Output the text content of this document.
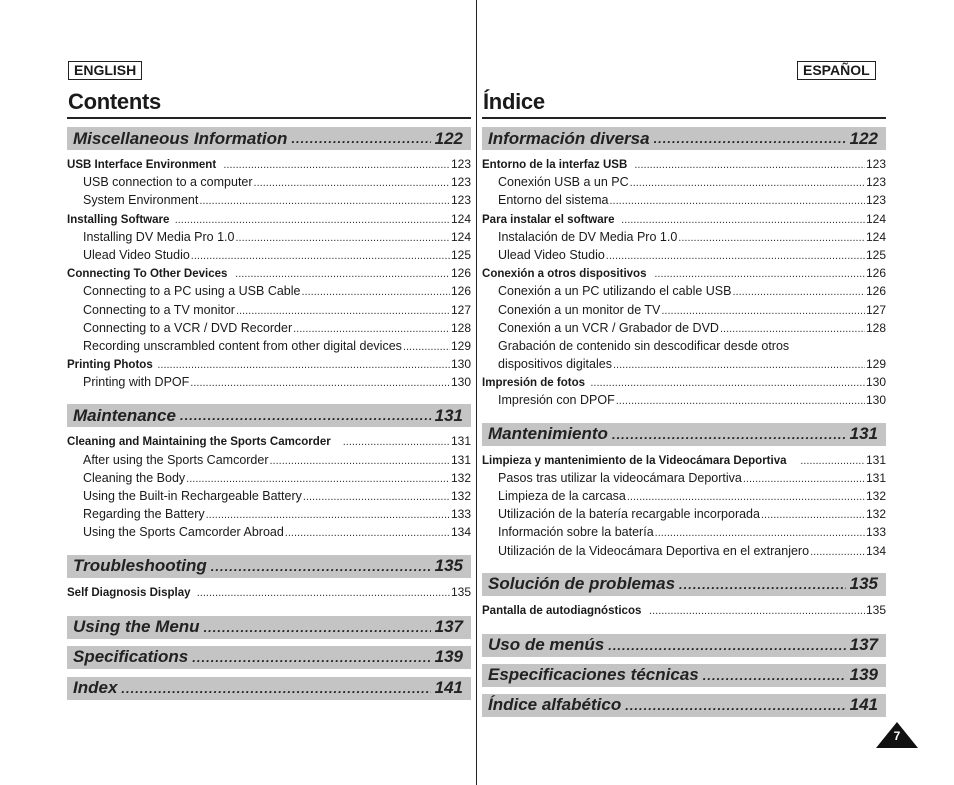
ENGLISH
Contents
ESPAÑOL
Índice
Miscellaneous Information .....	122
USB Interface Environment .....	123
USB connection to a computer .....	123
System Environment .....	123
Installing Software .....	124
Installing DV Media Pro 1.0 .....	124
Ulead Video Studio .....	125
Connecting To Other Devices .....	126
Connecting to a PC using a USB Cable .....	126
Connecting to a TV monitor .....	127
Connecting to a VCR / DVD Recorder .....	128
Recording unscrambled content from other digital devices .....	129
Printing Photos .....	130
Printing with DPOF .....	130
Maintenance .....	131
Cleaning and Maintaining the Sports Camcorder .....	131
After using the Sports Camcorder .....	131
Cleaning the Body .....	132
Using the Built-in Rechargeable Battery .....	132
Regarding the Battery .....	133
Using the Sports Camcorder Abroad .....	134
Troubleshooting .....	135
Self Diagnosis Display .....	135
Using the Menu .....	137
Specifications .....	139
Index .....	141
Información diversa .....	122
Entorno de la interfaz USB .....	123
Conexión USB a un PC .....	123
Entorno del sistema .....	123
Para instalar el software .....	124
Instalación de DV Media Pro 1.0 .....	124
Ulead Video Studio .....	125
Conexión a otros dispositivos .....	126
Conexión a un PC utilizando el cable USB .....	126
Conexión a un monitor de TV .....	127
Conexión a un VCR / Grabador de DVD .....	128
Grabación de contenido sin descodificar desde otros
dispositivos digitales .....	129
Impresión de fotos .....	130
Impresión con DPOF .....	130
Mantenimiento .....	131
Limpieza y mantenimiento de la Videocámara Deportiva .....	131
Pasos tras utilizar la videocámara Deportiva .....	131
Limpieza de la carcasa .....	132
Utilización de la batería recargable incorporada .....	132
Información sobre la batería .....	133
Utilización de la Videocámara Deportiva en el extranjero .....	134
Solución de problemas .....	135
Pantalla de autodiagnósticos .....	135
Uso de menús .....	137
Especificaciones técnicas .....	139
Índice alfabético .....	141
7
